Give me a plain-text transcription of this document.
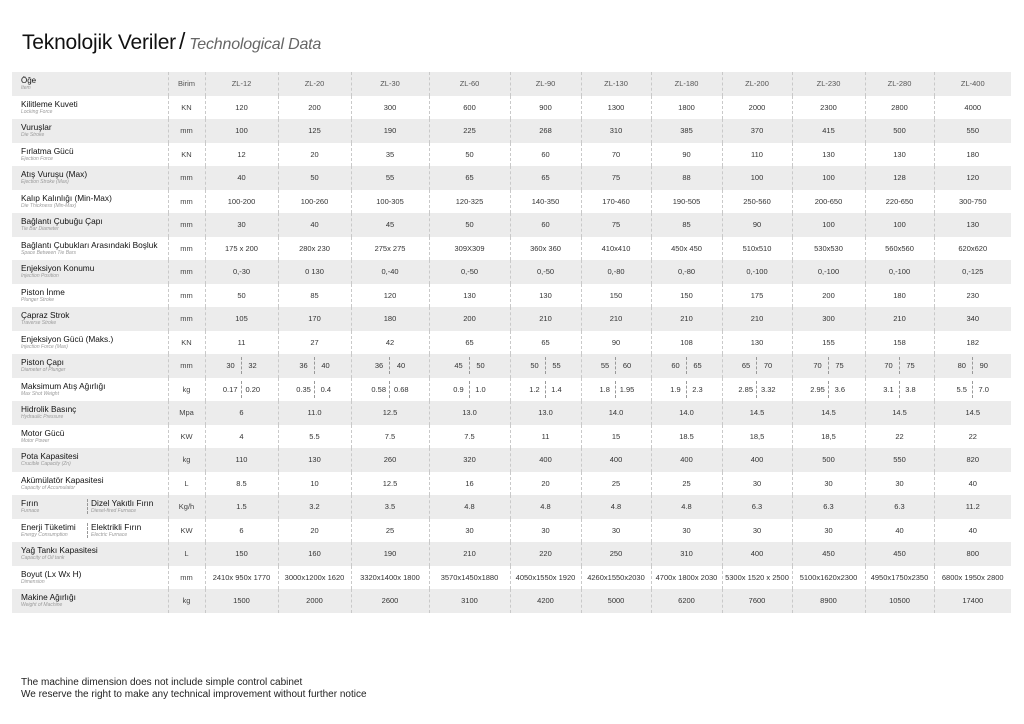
Teknolojik Veriler / Technological Data
Öğe
Item	Birim	ZL-12	ZL-20	ZL-30	ZL-60	ZL-90	ZL-130	ZL-180	ZL-200	ZL-230	ZL-280	ZL-400

Kilitleme Kuveti
Locking Force	KN	120	200	300	600	900	1300	1800	2000	2300	2800	4000

Vuruşlar
Die Stroke	mm	100	125	190	225	268	310	385	370	415	500	550

Fırlatma Gücü
Ejection Force	KN	12	20	35	50	60	70	90	110	130	130	180

Atış Vuruşu (Max)
Ejection Stroke (Max)	mm	40	50	55	65	65	75	88	100	100	128	120

Kalıp Kalınlığı (Min-Max)
Die Thickness (Min-Max)	mm	100-200	100-260	100-305	120-325	140-350	170-460	190-505	250-560	200-650	220-650	300-750

Bağlantı Çubuğu Çapı
Tie Bar Diameter	mm	30	40	45	50	60	75	85	90	100	100	130

Bağlantı Çubukları Arasındaki Boşluk
Space Between Tie Bars	mm	175 x 200	280x 230	275x 275	309X309	360x 360	410x410	450x 450	510x510	530x530	560x560	620x620

Enjeksiyon Konumu
Injection Position	mm	0,-30	0 130	0,-40	0,-50	0,-50	0,-80	0,-80	0,-100	0,-100	0,-100	0,-125

Piston İnme
Plunger Stroke	mm	50	85	120	130	130	150	150	175	200	180	230

Çapraz Strok
Traverse Stroke	mm	105	170	180	200	210	210	210	210	300	210	340

Enjeksiyon Gücü (Maks.)
Injection Force (Max)	KN	11	27	42	65	65	90	108	130	155	158	182

Piston Çapı
Diameter of Plunger	mm	30 32	36 40	36 40	45 50	50 55	55 60	60 65	65 70	70 75	70 75	80 90

Maksimum Atış Ağırlığı
Max Shot Weight	kg	0.17 0.20	0.35 0.4	0.58 0.68	0.9 1.0	1.2 1.4	1.8 1.95	1.9 2.3	2.85 3.32	2.95 3.6	3.1 3.8	5.5 7.0

Hidrolik Basınç
Hydraulic Pressure	Mpa	6	11.0	12.5	13.0	13.0	14.0	14.0	14.5	14.5	14.5	14.5

Motor Gücü
Motor Power	KW	4	5.5	7.5	7.5	11	15	18.5	18,5	18,5	22	22

Pota Kapasitesi
Crucible Capacity (Zn)	kg	110	130	260	320	400	400	400	400	500	550	820

Akümülatör Kapasitesi
Capacity of Accumulator	L	8.5	10	12.5	16	20	25	25	30	30	30	40

Fırın
Furnace
Dizel Yakıtlı Fırın
Diesel-fired Furnace	Kg/h	1.5	3.2	3.5	4.8	4.8	4.8	4.8	6.3	6.3	6.3	11.2

Enerji Tüketimi
Energy Consumption
Elektrikli Fırın
Electric Furnace	KW	6	20	25	30	30	30	30	30	30	40	40

Yağ Tankı Kapasitesi
Capacity of Oil tank	L	150	160	190	210	220	250	310	400	450	450	800

Boyut (Lx Wx H)
Dimension	mm	2410x 950x 1770	3000x1200x 1620	3320x1400x 1800	3570x1450x1880	4050x1550x 1920	4260x1550x2030	4700x 1800x 2030	5300x 1520 x 2500	5100x1620x2300	4950x1750x2350	6800x 1950x 2800

Makine Ağırlığı
Weight of Machine	kg	1500	2000	2600	3100	4200	5000	6200	7600	8900	10500	17400

The machine dimension does not include simple control cabinet

We reserve the right to make any technical improvement without further notice
